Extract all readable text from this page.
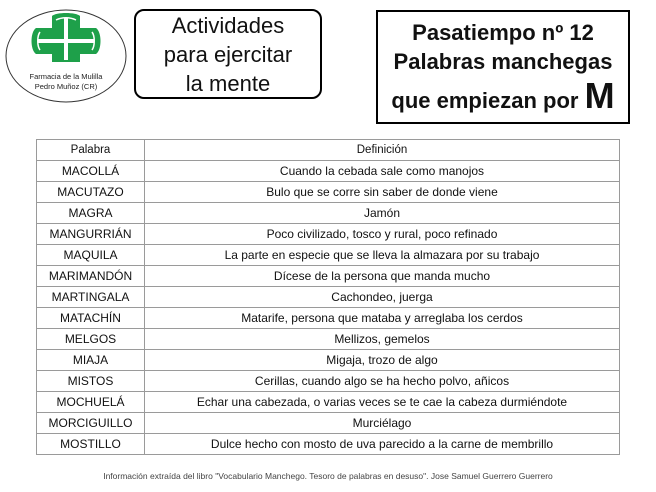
Farmacia de la Mulilla
Pedro Muñoz (CR)
Actividades
para ejercitar
la mente
Pasatiempo nº 12
Palabras manchegas
que empiezan por M
Palabra	Definición
MACOLLÁ	Cuando la cebada sale como manojos
MACUTAZO	Bulo que se corre sin saber de donde viene
MAGRA	Jamón
MANGURRIÁN	Poco civilizado, tosco y rural, poco refinado
MAQUILA	La parte en especie que se lleva la almazara por su trabajo
MARIMANDÓN	Dícese de la persona que manda mucho
MARTINGALA	Cachondeo, juerga
MATACHÍN	Matarife, persona que mataba y arreglaba los cerdos
MELGOS	Mellizos, gemelos
MIAJA	Migaja, trozo de algo
MISTOS	Cerillas, cuando algo se ha hecho polvo, añicos
MOCHUELÁ	Echar una cabezada, o varias veces se te cae la cabeza durmiéndote
MORCIGUILLO	Murciélago
MOSTILLO	Dulce hecho con mosto de uva parecido a la carne de membrillo
Información extraída del libro "Vocabulario Manchego. Tesoro de palabras en desuso". Jose Samuel Guerrero Guerrero
